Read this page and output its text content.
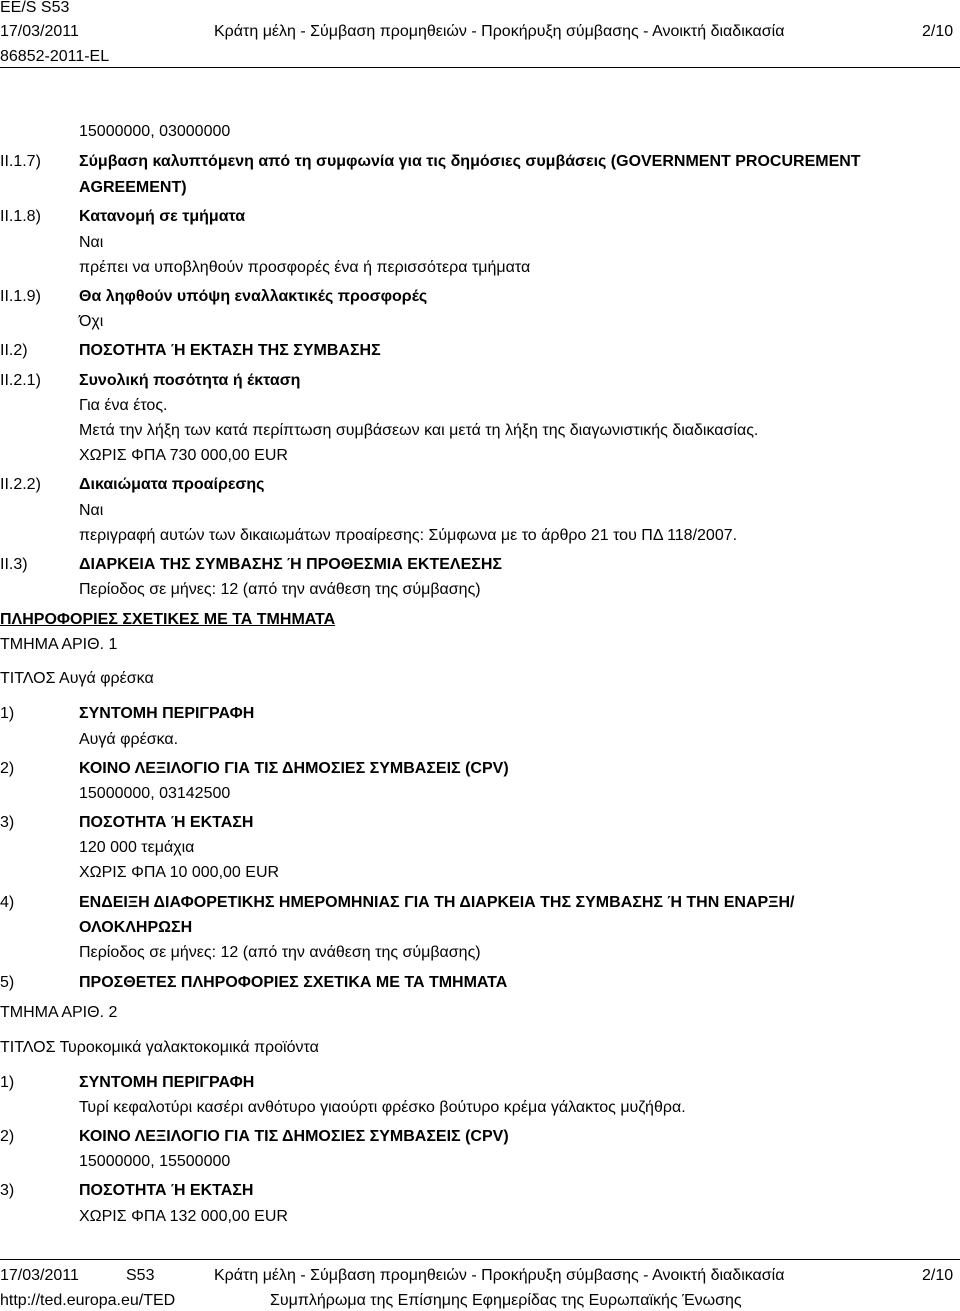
EE/S S53
17/03/2011
86852-2011-EL
Κράτη μέλη - Σύμβαση προμηθειών - Προκήρυξη σύμβασης - Ανοικτή διαδικασία	2/10
15000000, 03000000
II.1.7) Σύμβαση καλυπτόμενη από τη συμφωνία για τις δημόσιες συμβάσεις (GOVERNMENT PROCUREMENT
AGREEMENT)
II.1.8) Κατανομή σε τμήματα
Ναι
πρέπει να υποβληθούν προσφορές ένα ή περισσότερα τμήματα
II.1.9) Θα ληφθούν υπόψη εναλλακτικές προσφορές
Όχι
II.2)	ΠΟΣΟΤΗΤΑ Ή ΕΚΤΑΣΗ ΤΗΣ ΣΥΜΒΑΣΗΣ
II.2.1) Συνολική ποσότητα ή έκταση
Για ένα έτος.
Μετά την λήξη των κατά περίπτωση συμβάσεων και μετά τη λήξη της διαγωνιστικής διαδικασίας.
ΧΩΡΙΣ ΦΠΑ 730 000,00 EUR
II.2.2) Δικαιώματα προαίρεσης
Ναι
περιγραφή αυτών των δικαιωμάτων προαίρεσης: Σύμφωνα με το άρθρο 21 του ΠΔ 118/2007.
II.3)	ΔΙΑΡΚΕΙΑ ΤΗΣ ΣΥΜΒΑΣΗΣ Ή ΠΡΟΘΕΣΜΙΑ ΕΚΤΕΛΕΣΗΣ
Περίοδος σε μήνες: 12 (από την ανάθεση της σύμβασης)
ΠΛΗΡΟΦΟΡΙΕΣ ΣΧΕΤΙΚΕΣ ΜΕ ΤΑ ΤΜΗΜΑΤΑ
ΤΜΗΜΑ ΑΡΙΘ. 1
ΤΙΤΛΟΣ Αυγά φρέσκα
1)	ΣΥΝΤΟΜΗ ΠΕΡΙΓΡΑΦΗ
Αυγά φρέσκα.
2)	ΚΟΙΝΟ ΛΕΞΙΛΟΓΙΟ ΓΙΑ ΤΙΣ ΔΗΜΟΣΙΕΣ ΣΥΜΒΑΣΕΙΣ (CPV)
15000000, 03142500
3)	ΠΟΣΟΤΗΤΑ Ή ΕΚΤΑΣΗ
120 000 τεμάχια
ΧΩΡΙΣ ΦΠΑ 10 000,00 EUR
4)	ΕΝΔΕΙΞΗ ΔΙΑΦΟΡΕΤΙΚΗΣ ΗΜΕΡΟΜΗΝΙΑΣ ΓΙΑ ΤΗ ΔΙΑΡΚΕΙΑ ΤΗΣ ΣΥΜΒΑΣΗΣ Ή ΤΗΝ ΕΝΑΡΞΗ/
ΟΛΟΚΛΗΡΩΣΗ
Περίοδος σε μήνες: 12 (από την ανάθεση της σύμβασης)
5)	ΠΡΟΣΘΕΤΕΣ ΠΛΗΡΟΦΟΡΙΕΣ ΣΧΕΤΙΚΑ ΜΕ ΤΑ ΤΜΗΜΑΤΑ
ΤΜΗΜΑ ΑΡΙΘ. 2
ΤΙΤΛΟΣ Τυροκομικά γαλακτοκομικά προϊόντα
1)	ΣΥΝΤΟΜΗ ΠΕΡΙΓΡΑΦΗ
Τυρί κεφαλοτύρι κασέρι ανθότυρο γιαούρτι φρέσκο βούτυρο κρέμα γάλακτος μυζήθρα.
2)	ΚΟΙΝΟ ΛΕΞΙΛΟΓΙΟ ΓΙΑ ΤΙΣ ΔΗΜΟΣΙΕΣ ΣΥΜΒΑΣΕΙΣ (CPV)
15000000, 15500000
3)	ΠΟΣΟΤΗΤΑ Ή ΕΚΤΑΣΗ
ΧΩΡΙΣ ΦΠΑ 132 000,00 EUR
17/03/2011	S53
http://ted.europa.eu/TED
Κράτη μέλη - Σύμβαση προμηθειών - Προκήρυξη σύμβασης - Ανοικτή διαδικασία
Συμπλήρωμα της Επίσημης Εφημερίδας της Ευρωπαϊκής Ένωσης
2/10
